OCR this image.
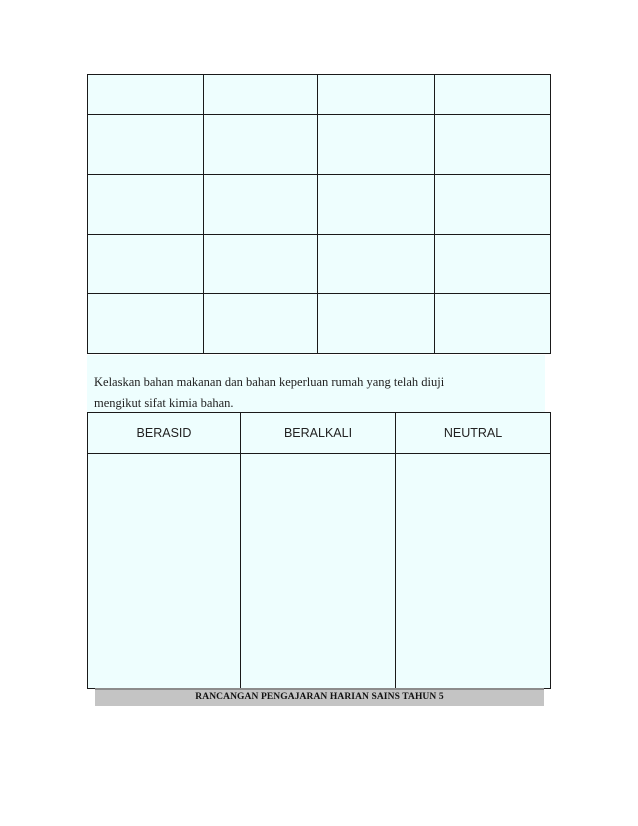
Kelaskan bahan makanan dan bahan keperluan rumah yang telah diuji
mengikut sifat kimia bahan.
BERASID	BERALKALI	NEUTRAL

RANCANGAN PENGAJARAN HARIAN SAINS TAHUN 5
